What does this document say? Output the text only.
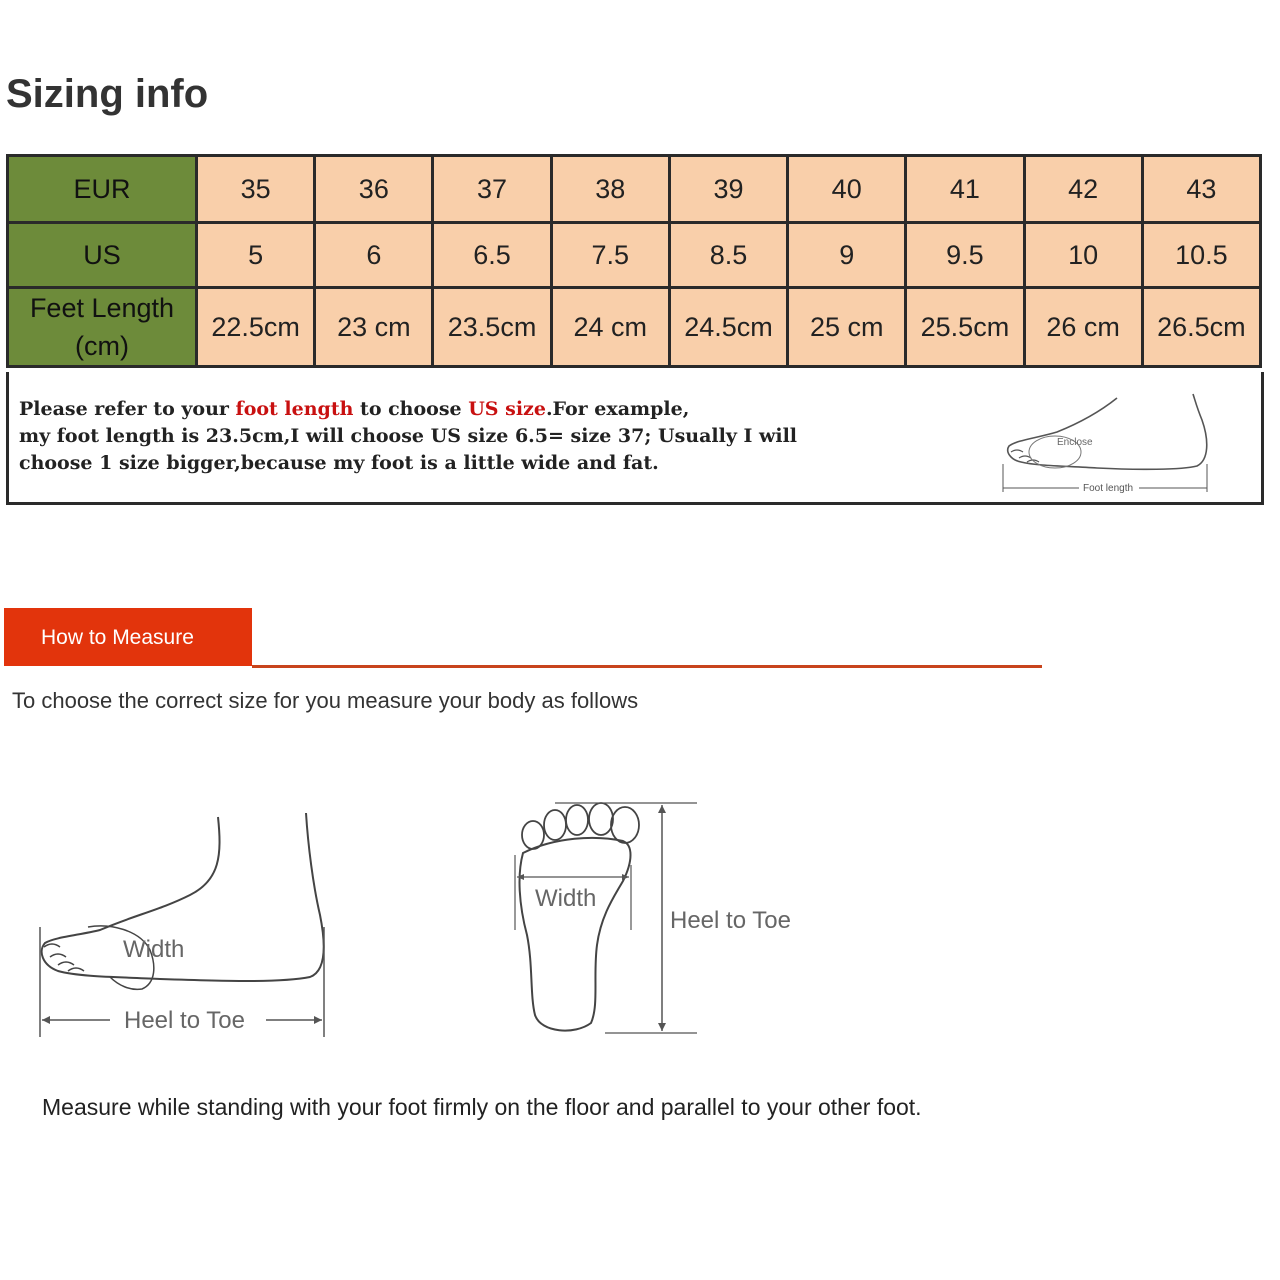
Sizing info
EUR	35	36	37	38	39	40	41	42	43
US	5	6	6.5	7.5	8.5	9	9.5	10	10.5
Feet Length
(cm)	22.5cm	23 cm	23.5cm	24 cm	24.5cm	25 cm	25.5cm	26 cm	26.5cm

Please refer to your foot length to choose US size.For example,
my foot length is 23.5cm,I will choose US size 6.5= size 37; Usually I will
choose 1 size bigger,because my foot is a little wide and fat.

Enclose
Foot length
How to Measure

To choose the correct size for you measure your body as follows

Width
Heel to Toe
Width
Heel to Toe

Measure while standing with your foot firmly on the floor and parallel to your other foot.
